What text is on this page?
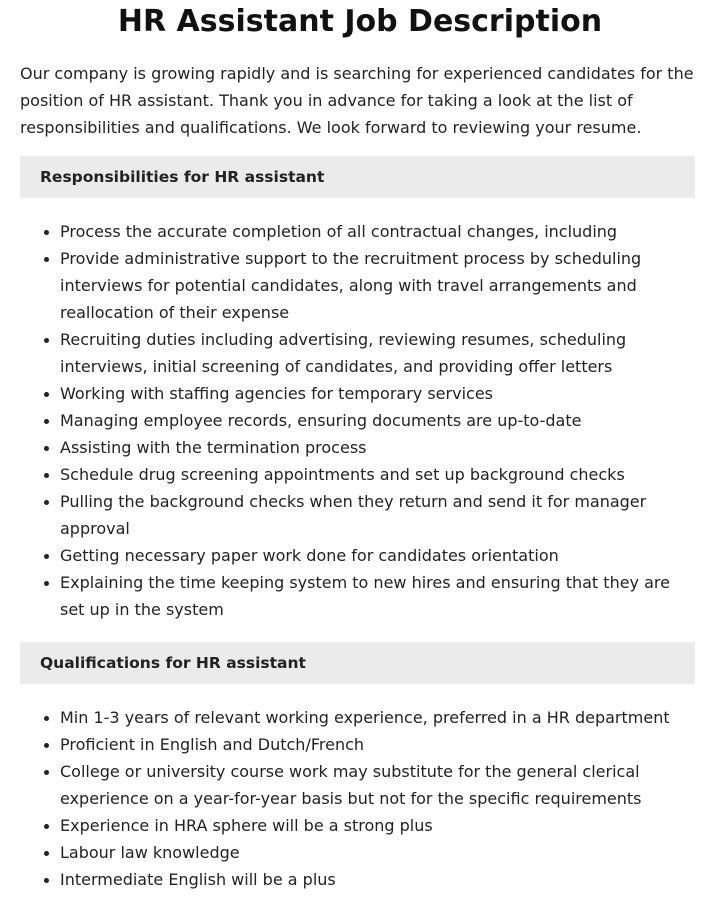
HR Assistant Job Description

Our company is growing rapidly and is searching for experienced candidates for the position of HR assistant. Thank you in advance for taking a look at the list of responsibilities and qualifications. We look forward to reviewing your resume.

Responsibilities for HR assistant
Process the accurate completion of all contractual changes, including
Provide administrative support to the recruitment process by scheduling interviews for potential candidates, along with travel arrangements and reallocation of their expense
Recruiting duties including advertising, reviewing resumes, scheduling interviews, initial screening of candidates, and providing offer letters
Working with staffing agencies for temporary services
Managing employee records, ensuring documents are up-to-date
Assisting with the termination process
Schedule drug screening appointments and set up background checks
Pulling the background checks when they return and send it for manager approval
Getting necessary paper work done for candidates orientation
Explaining the time keeping system to new hires and ensuring that they are set up in the system
Qualifications for HR assistant
Min 1-3 years of relevant working experience, preferred in a HR department
Proficient in English and Dutch/French
College or university course work may substitute for the general clerical experience on a year-for-year basis but not for the specific requirements
Experience in HRA sphere will be a strong plus
Labour law knowledge
Intermediate English will be a plus
